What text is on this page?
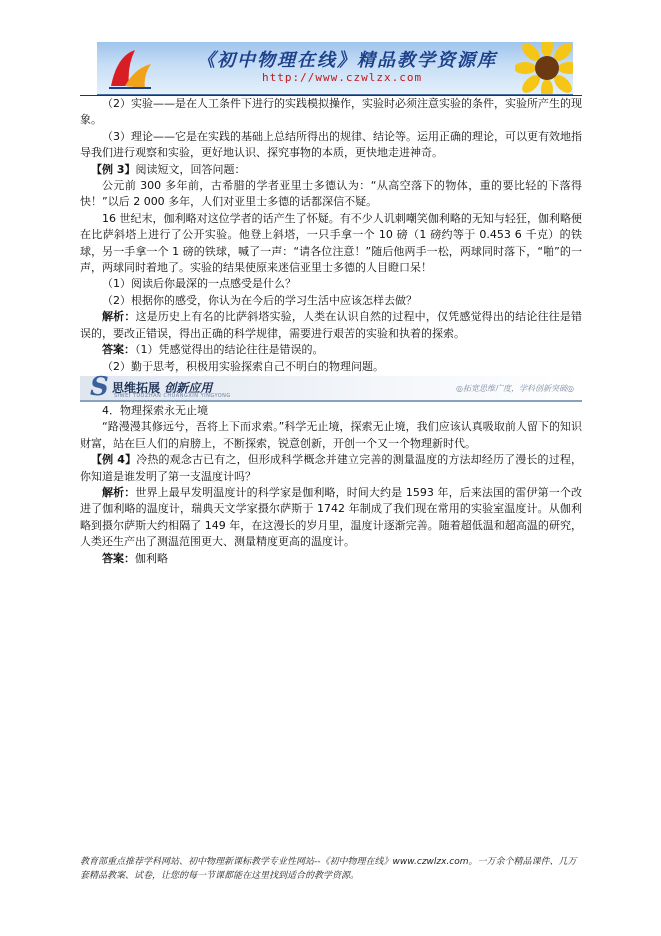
《初中物理在线》精品教学资源库
http://www.czwlzx.com

（2）实验——是在人工条件下进行的实践模拟操作，实验时必须注意实验的条件，实验所产生的现象。

（3）理论——它是在实践的基础上总结所得出的规律、结论等。运用正确的理论，可以更有效地指导我们进行观察和实验，更好地认识、探究事物的本质，更快地走进神奇。

【例 3】阅读短文，回答问题：

公元前 300 多年前，古希腊的学者亚里士多德认为：“从高空落下的物体，重的要比轻的下落得快！”以后 2 000 多年，人们对亚里士多德的话都深信不疑。

16 世纪末，伽利略对这位学者的话产生了怀疑。有不少人讥刺嘲笑伽利略的无知与轻狂，伽利略便在比萨斜塔上进行了公开实验。他登上斜塔，一只手拿一个 10 磅（1 磅约等于 0.453 6 千克）的铁球，另一手拿一个 1 磅的铁球，喊了一声：“请各位注意！”随后他两手一松，两球同时落下，“啪”的一声，两球同时着地了。实验的结果使原来迷信亚里士多德的人目瞪口呆！

（1）阅读后你最深的一点感受是什么？

（2）根据你的感受，你认为在今后的学习生活中应该怎样去做？

解析：这是历史上有名的比萨斜塔实验，人类在认识自然的过程中，仅凭感觉得出的结论往往是错误的，要改正错误，得出正确的科学规律，需要进行艰苦的实验和执着的探索。

答案：（1）凭感觉得出的结论往往是错误的。

（2）勤于思考，积极用实验探索自己不明白的物理问题。

S 思维拓展 创新应用
SIWEI TUOZHAN CHUANGXIN YINGYONG
◎拓宽思维广度，学科创新突破◎

4．物理探索永无止境

“路漫漫其修远兮，吾将上下而求索。”科学无止境，探索无止境，我们应该认真吸取前人留下的知识财富，站在巨人们的肩膀上，不断探索，锐意创新，开创一个又一个物理新时代。

【例 4】冷热的观念古已有之，但形成科学概念并建立完善的测量温度的方法却经历了漫长的过程，你知道是谁发明了第一支温度计吗？

解析：世界上最早发明温度计的科学家是伽利略，时间大约是 1593 年，后来法国的雷伊第一个改进了伽利略的温度计，瑞典天文学家摄尔萨斯于 1742 年制成了我们现在常用的实验室温度计。从伽利略到摄尔萨斯大约相隔了 149 年，在这漫长的岁月里，温度计逐渐完善。随着超低温和超高温的研究，人类还生产出了测温范围更大、测量精度更高的温度计。

答案：伽利略

教育部重点推荐学科网站、初中物理新课标教学专业性网站--《初中物理在线》www.czwlzx.com。一万余个精品课件、几万套精品教案、试卷，让您的每一节课都能在这里找到适合的教学资源。
